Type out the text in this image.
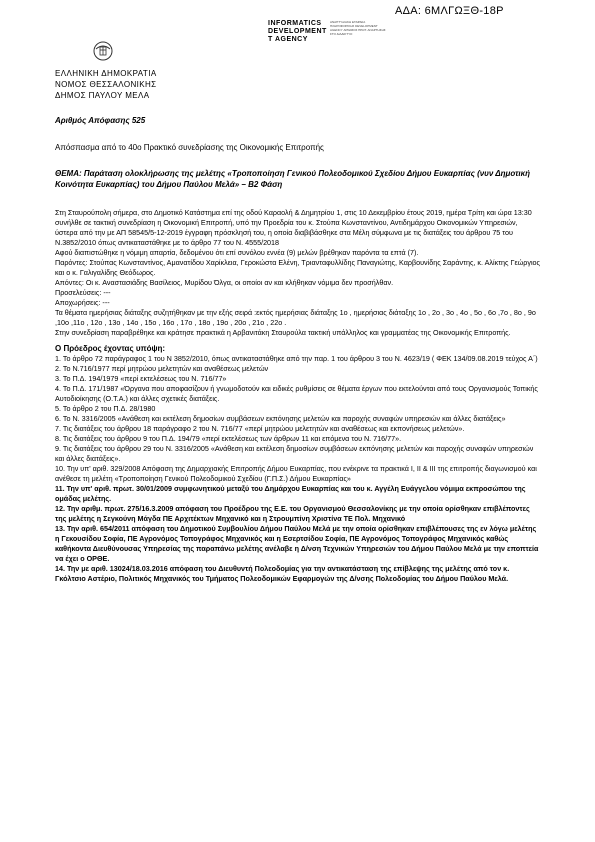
ΑΔΑ: 6ΜΛΓΩΞΘ-18Ρ
INFORMATICS
DEVELOPMENT
T AGENCY
ΑΝΑΠΤΥΞΙΑΚΗ ΕΤΑΙΡΕΙΑ ΠΛΗΡΟΦΟΡΙΚΗΣ DEVELOPMENT AGENCY ΑΡΙΘΜΟΣ ΠΡΩΤ. ΑΝΑΡΤΗΣΗΣ ΣΤΟ ΔΙΑΔΙΚΤΥΟ
ΕΛΛΗΝΙΚΗ ΔΗΜΟΚΡΑΤΙΑ
ΝΟΜΟΣ ΘΕΣΣΑΛΟΝΙΚΗΣ
ΔΗΜΟΣ ΠΑΥΛΟΥ ΜΕΛΑ
Αριθμός Απόφασης 525
Απόσπασμα από το 40ο Πρακτικό συνεδρίασης της Οικονομικής Επιτροπής
ΘΕΜΑ: Παράταση ολοκλήρωσης της μελέτης «Τροποποίηση Γενικού Πολεοδομικού Σχεδίου Δήμου Ευκαρπίας (νυν Δημοτική Κοινότητα Ευκαρπίας) του Δήμου Παύλου Μελά» – Β2 Φάση

Στη Σταυρούπολη σήμερα, στο Δημοτικό Κατάστημα επί της οδού Καραολή & Δημητρίου 1, στις 10 Δεκεμβρίου έτους 2019, ημέρα Τρίτη και ώρα 13:30 συνήλθε σε τακτική συνεδρίαση η Οικονομική Επιτροπή, υπό την Προεδρία του κ. Στούπα Κωνσταντίνου, Αντιδημάρχου Οικονομικών Υπηρεσιών, ύστερα από την με ΑΠ 58545/5-12-2019 έγγραφη πρόσκλησή του, η οποία διαβιβάσθηκε στα Μέλη σύμφωνα με τις διατάξεις του άρθρου 75 του Ν.3852/2010 όπως αντικαταστάθηκε με το άρθρο 77 του Ν. 4555/2018

Αφού διαπιστώθηκε η νόμιμη απαρτία, δεδομένου ότι επί συνόλου εννέα (9) μελών βρέθηκαν παρόντα τα επτά (7).

Παρόντες: Στούπας Κωνσταντίνος, Αμανατίδου Χαρίκλεια, Γεροκώστα Ελένη, Τριανταφυλλίδης Παναγιώτης, Καρβουνίδης Σαράντης, κ. Αλίκτης Γεώργιος και ο κ. Γαλιγαλίδης Θεόδωρος.

Απόντες: Οι κ. Αναστασιάδης Βασίλειος, Μυρίδου Όλγα, οι οποίοι αν και κλήθηκαν νόμιμα δεν προσήλθαν.

Προσελεύσεις: ---

Αποχωρήσεις: ---

Τα θέματα ημερήσιας διάταξης συζητήθηκαν με την εξής σειρά :εκτός ημερήσιας διάταξης 1ο , ημερήσιας διάταξης 1ο , 2ο , 3ο , 4ο , 5ο , 6ο ,7ο , 8ο , 9ο ,10ο ,11ο , 12ο , 13ο , 14ο , 15ο , 16ο , 17ο , 18ο , 19ο , 20ο , 21ο , 22ο .

Στην συνεδρίαση παραβρέθηκε και κράτησε πρακτικά η Αρβανιτάκη Σταυρούλα τακτική υπάλληλος και γραμματέας της Οικονομικής Επιτροπής.

Ο Πρόεδρος έχοντας υπόψη:

1. Το άρθρο 72 παράγραφος 1 του Ν 3852/2010, όπως αντικαταστάθηκε από την παρ. 1 του άρθρου 3 του Ν. 4623/19 ( ΦΕΚ 134/09.08.2019 τεύχος Α΄)

2. Το Ν.716/1977 περί μητρώου μελετητών και αναθέσεως μελετών

3. Το Π.Δ. 194/1979 «περί εκτελέσεως του Ν. 716/77»

4. Το Π.Δ. 171/1987 «Όργανα που αποφασίζουν ή γνωμοδοτούν και ειδικές ρυθμίσεις σε θέματα έργων που εκτελούνται από τους Οργανισμούς Τοπικής Αυτοδιοίκησης (Ο.Τ.Α.) και άλλες σχετικές διατάξεις.

5. Το άρθρο 2 του Π.Δ. 28/1980

6. Το Ν. 3316/2005 «Ανάθεση και εκτέλεση δημοσίων συμβάσεων εκπόνησης μελετών και παροχής συναφών υπηρεσιών και άλλες διατάξεις»

7. Τις διατάξεις του άρθρου 18 παράγραφο 2 του Ν. 716/77 «περί μητρώου μελετητών και αναθέσεως και εκπονήσεως μελετών».

8. Τις διατάξεις του άρθρου 9 του Π.Δ. 194/79 «περί εκτελέσεως των άρθρων 11 και επόμενα του Ν. 716/77».

9. Τις διατάξεις του άρθρου 29 του Ν. 3316/2005 «Ανάθεση και εκτέλεση δημοσίων συμβάσεων εκπόνησης μελετών και παροχής συναφών υπηρεσιών και άλλες διατάξεις».

10. Την υπ' αριθ. 329/2008 Απόφαση της Δημαρχιακής Επιτροπής Δήμου Ευκαρπίας, που ενέκρινε τα πρακτικά Ι, ΙΙ & ΙΙΙ της επιτροπής διαγωνισμού και ανέθεσε τη μελέτη «Τροποποίηση Γενικού Πολεοδομικού Σχεδίου (Γ.Π.Σ.) Δήμου Ευκαρπίας»

11. Την υπ' αριθ. πρωτ. 30/01/2009 συμφωνητικού μεταξύ του Δημάρχου Ευκαρπίας και του κ. Αγγέλη Ευάγγελου νόμιμα εκπροσώπου της ομάδας μελέτης.

12. Την αριθμ. πρωτ. 275/16.3.2009 απόφαση του Προέδρου της Ε.Ε. του Οργανισμού Θεσσαλονίκης με την οποία ορίσθηκαν επιβλέποντες της μελέτης η Σεγκούνη Μάγδα ΠΕ Αρχιτέκτων Μηχανικό και η Στρουμπίνη Χριστίνα ΤΕ Πολ. Μηχανικό

13. Την αριθ. 654/2011 απόφαση του Δημοτικού Συμβουλίου Δήμου Παύλου Μελά με την οποία ορίσθηκαν επιβλέπουσες της εν λόγω μελέτης η Γεκουσίδου Σοφία, ΠΕ Αγρονόμος Τοπογράφος Μηχανικός και η Εσερτσίδου Σοφία, ΠΕ Αγρονόμος Τοπογράφος Μηχανικός καθώς καθήκοντα Διευθύνουσας Υπηρεσίας της παραπάνω μελέτης ανέλαβε η Δ/νση Τεχνικών Υπηρεσιών του Δήμου Παύλου Μελά με την εποπτεία να έχει ο ΟΡΘΕ.

14. Την με αριθ. 13024/18.03.2016 απόφαση του Διευθυντή Πολεοδομίας για την αντικατάσταση της επίβλεψης της μελέτης από τον κ. Γκόλτσιο Αστέριο, Πολιτικός Μηχανικός του Τμήματος Πολεοδομικών Εφαρμογών της Δ/νσης Πολεοδομίας του Δήμου Παύλου Μελά.
